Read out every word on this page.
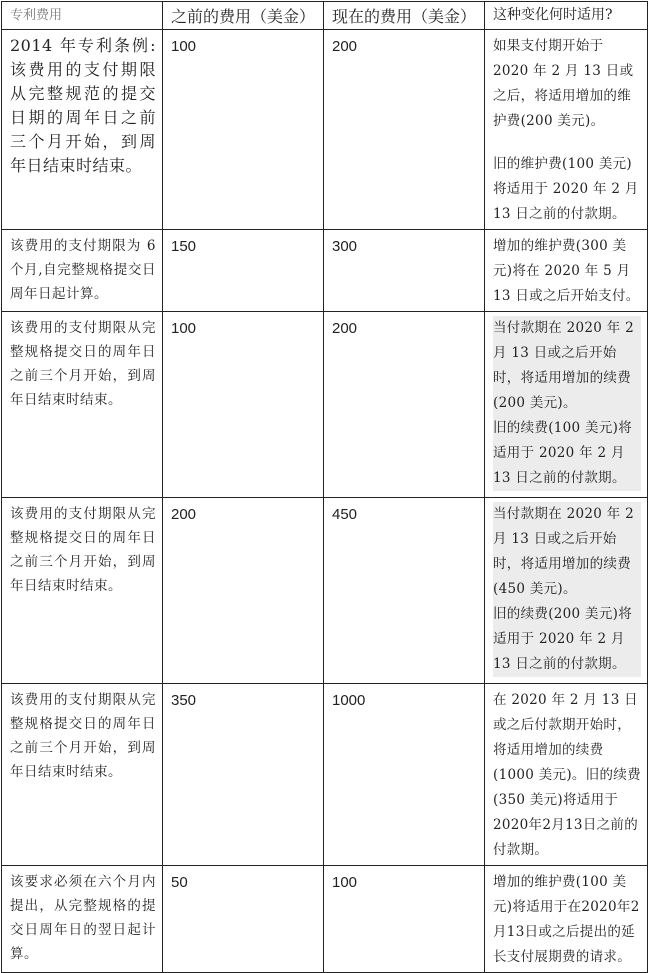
专利费用	之前的费用（美金）	现在的费用（美金）	这种变化何时适用?
2014 年专利条例:该费用的支付期限从完整规范的提交日期的周年日之前三个月开始，到周年日结束时结束。	100	200	如果支付期开始于 2020 年 2 月 13 日或之后，将适用增加的维护费(200 美元)。

旧的维护费(100 美元)将适用于 2020 年 2 月 13 日之前的付款期。

该费用的支付期限为 6 个月,自完整规格提交日周年日起计算。	150	300	增加的维护费(300 美元)将在 2020 年 5 月 13 日或之后开始支付。

该费用的支付期限从完整规格提交日的周年日之前三个月开始，到周年日结束时结束。	100	200	当付款期在 2020 年 2 月 13 日或之后开始时，将适用增加的续费(200 美元)。
旧的续费(100 美元)将适用于 2020 年 2 月 13 日之前的付款期。

该费用的支付期限从完整规格提交日的周年日之前三个月开始，到周年日结束时结束。	200	450	当付款期在 2020 年 2 月 13 日或之后开始时，将适用增加的续费(450 美元)。
旧的续费(200 美元)将适用于 2020 年 2 月 13 日之前的付款期。

该费用的支付期限从完整规格提交日的周年日之前三个月开始，到周年日结束时结束。	350	1000	在 2020 年 2 月 13 日或之后付款期开始时，将适用增加的续费(1000 美元)。旧的续费(350 美元)将适用于2020年2月13日之前的付款期。

该要求必须在六个月内提出，从完整规格的提交日周年日的翌日起计算。	50	100	增加的维护费(100 美元)将适用于在2020年2月13日或之后提出的延长支付展期费的请求。
